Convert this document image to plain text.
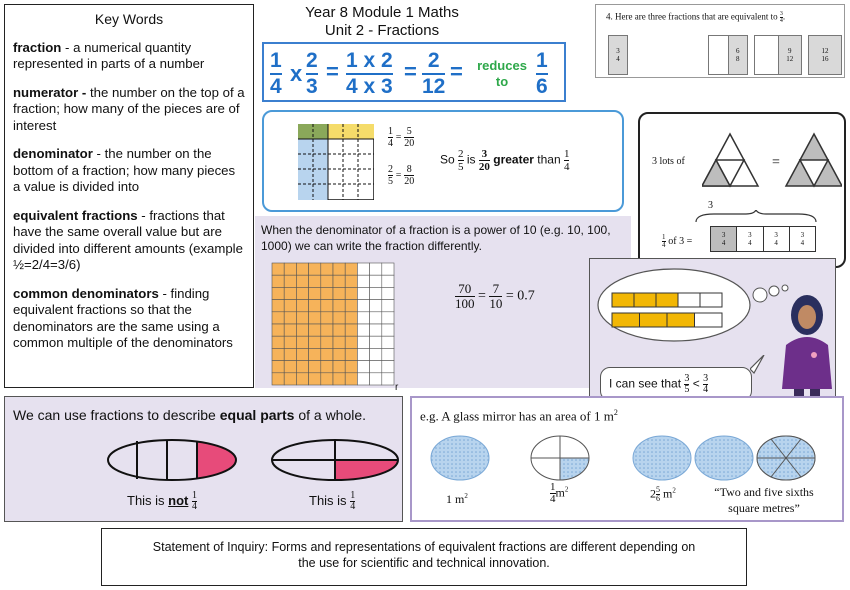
Key Words
fraction - a numerical quantity represented in parts of a number
numerator - the number on the top of a fraction; how many of the pieces are of interest
denominator - the number on the bottom of a fraction; how many pieces a value is divided into
equivalent fractions - fractions that have the same overall value but are divided into different amounts (example ½=2/4=3/6)
common denominators - finding equivalent fractions so that the denominators are the same using a common multiple of the denominators
Year 8 Module 1 Maths
Unit 2 - Fractions
1
4
x
2
3
= 1 x 2
4 x 3
= 2
12
=	reduces
to
1
6
4. Here are three fractions that are equivalent to $\frac{3}{4}$ .
3
4
6
8
9
12
12
16
$\frac{1}{4} = \frac{5}{20}$
$\frac{2}{5} = \frac{8}{20}$
So $\frac{2}{5}$ is $\frac{3}{20}$ greater than $\frac{1}{4}$	3 lots of	=
3
$\frac{1}{4}$ of 3 =
3
4
3
4
3
4
3
4
When the denominator of a fraction is a power of 10 (e.g. 10, 100, 1000) we can write the fraction differently.
r
$\frac{70}{100} = \frac{7}{10} = 0.7$
I can see that $\frac{3}{5} < \frac{3}{4}$
We can use fractions to describe equal parts of a whole.
This is not $\frac{1}{4}$	This is $\frac{1}{4}$
e.g. A glass mirror has an area of 1 $m^2$
1 $m^2$	$\frac{1}{4} m^2$	$2 \frac{5}{6} m^2$	“Two and five sixths
square metres”
Statement of Inquiry: Forms and representations of equivalent fractions are different depending on
the use for scientific and technical innovation.
